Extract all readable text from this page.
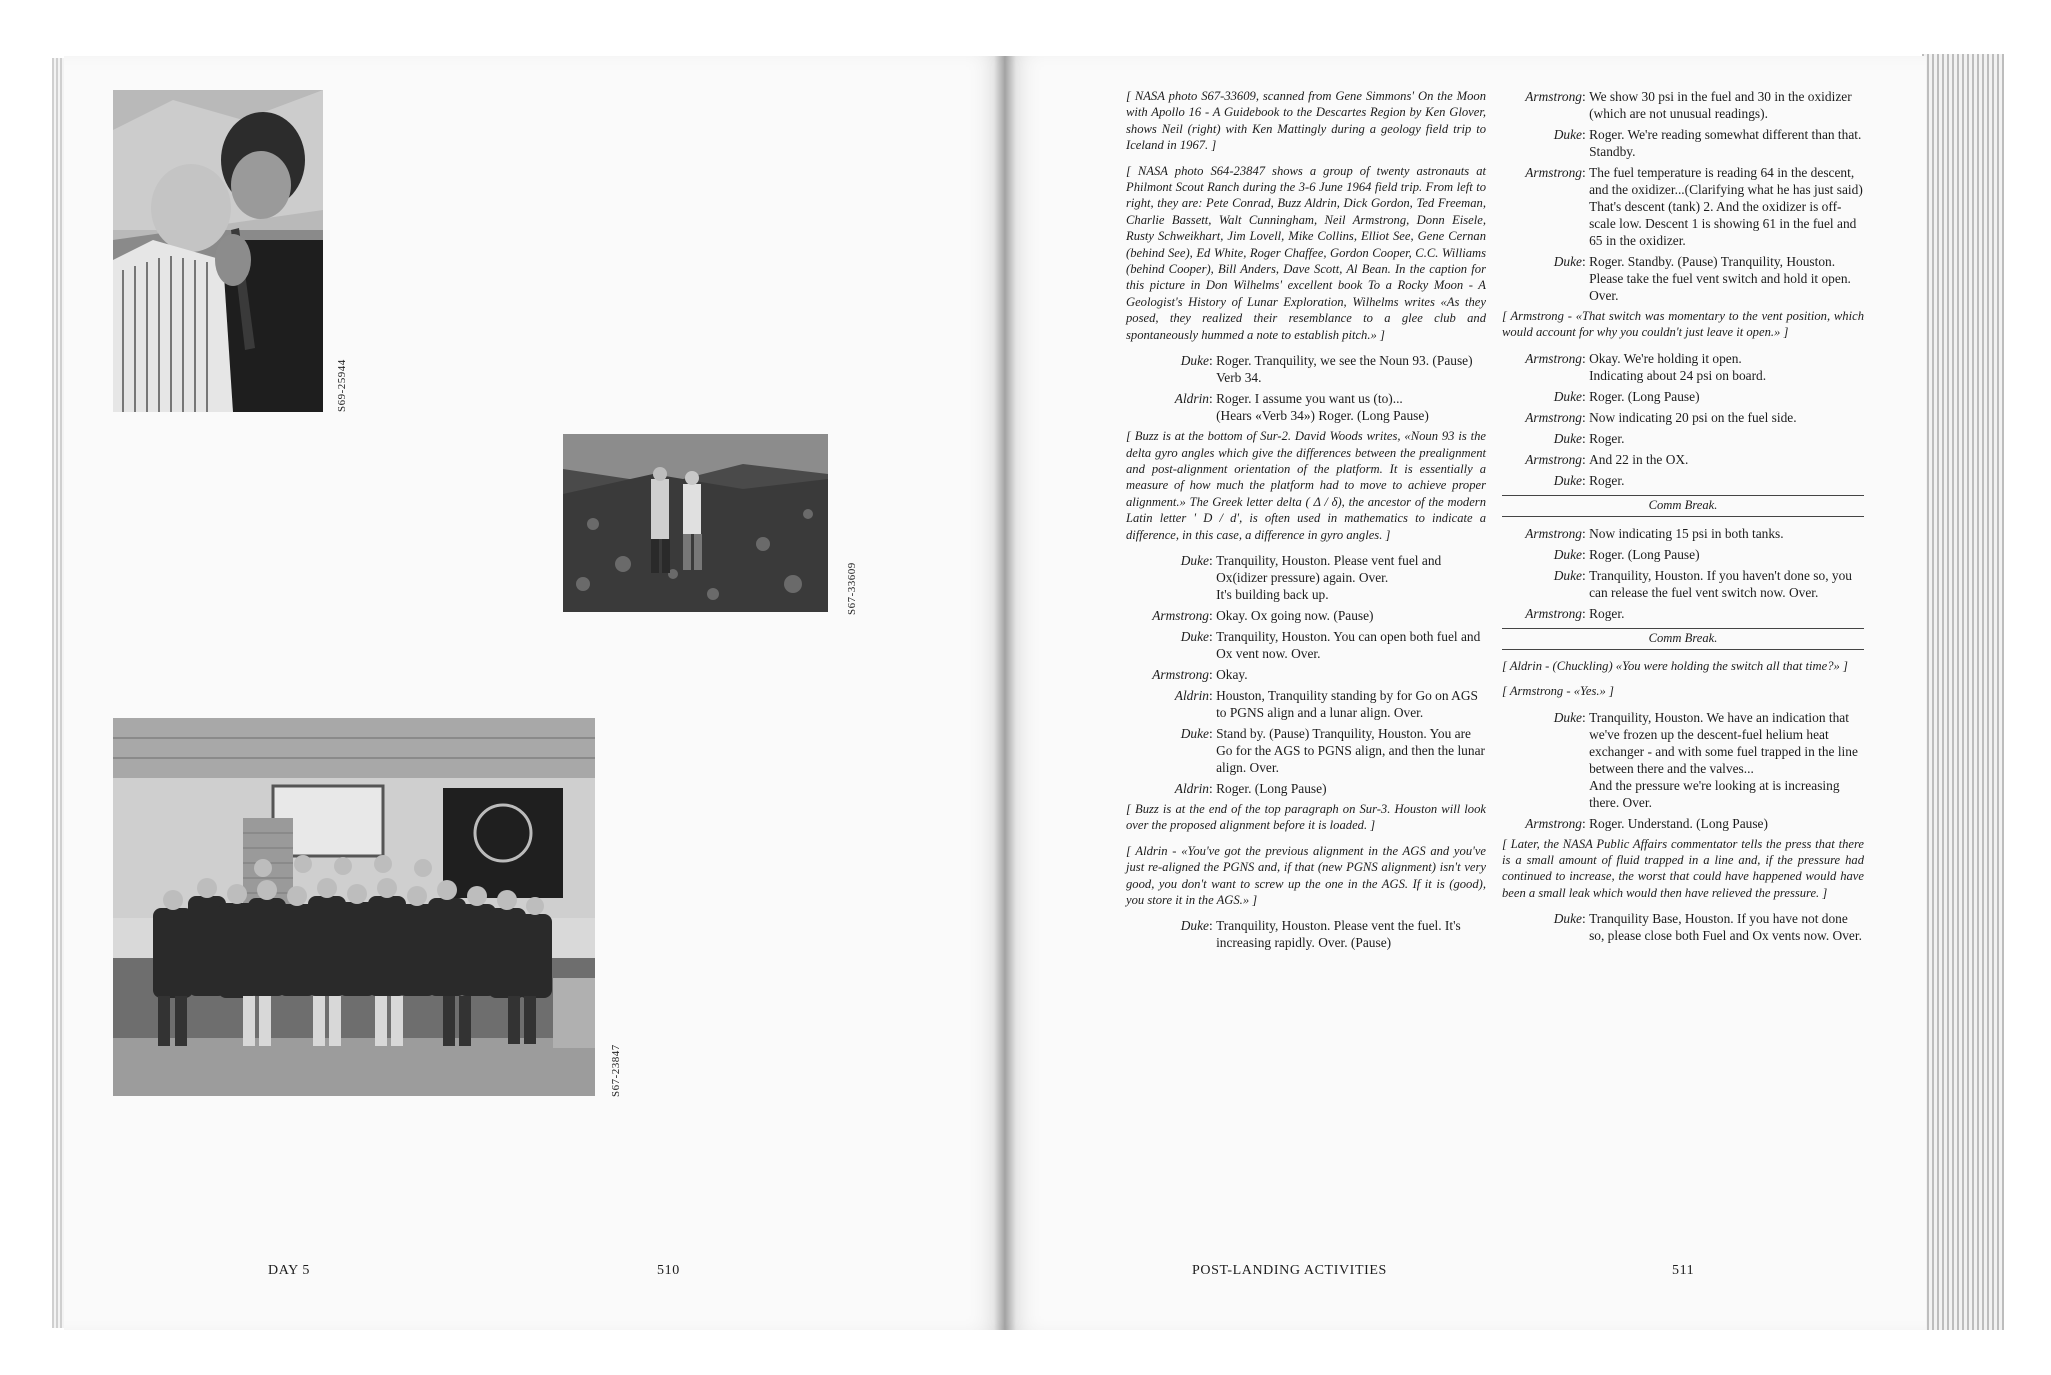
S69-25944
S67-33609
S67-23847
DAY 5	510	POST-LANDING ACTIVITIES	511

[ NASA photo S67-33609, scanned from Gene Simmons' On the Moon with Apollo 16 - A Guidebook to the Descartes Region by Ken Glover, shows Neil (right) with Ken Mattingly during a geology field trip to Iceland in 1967. ]

[ NASA photo S64-23847 shows a group of twenty astronauts at Philmont Scout Ranch during the 3-6 June 1964 field trip. From left to right, they are: Pete Conrad, Buzz Aldrin, Dick Gordon, Ted Freeman, Charlie Bassett, Walt Cunningham, Neil Armstrong, Donn Eisele, Rusty Schweikhart, Jim Lovell, Mike Collins, Elliot See, Gene Cernan (behind See), Ed White, Roger Chaffee, Gordon Cooper, C.C. Williams (behind Cooper), Bill Anders, Dave Scott, Al Bean. In the caption for this picture in Don Wilhelms' excellent book To a Rocky Moon - A Geologist's History of Lunar Exploration, Wilhelms writes «As they posed, they realized their resemblance to a glee club and spontaneously hummed a note to establish pitch.» ]

Duke : Roger. Tranquility, we see the Noun 93. (Pause) Verb 34.
Aldrin : Roger. I assume you want us (to)...
(Hears «Verb 34») Roger. (Long Pause)

[ Buzz is at the bottom of Sur-2. David Woods writes, «Noun 93 is the delta gyro angles which give the differences between the prealignment and post-alignment orientation of the platform. It is essentially a measure of how much the platform had to move to achieve proper alignment.» The Greek letter delta ( Δ / δ), the ancestor of the modern Latin letter ' D / d', is often used in mathematics to indicate a difference, in this case, a difference in gyro angles. ]

Duke : Tranquility, Houston. Please vent fuel and Ox(idizer pressure) again. Over.
It's building back up.
Armstrong : Okay. Ox going now. (Pause)
Duke : Tranquility, Houston. You can open both fuel and Ox vent now. Over.
Armstrong : Okay.
Aldrin : Houston, Tranquility standing by for Go on AGS to PGNS align and a lunar align. Over.
Duke : Stand by. (Pause) Tranquility, Houston. You are Go for the AGS to PGNS align, and then the lunar align. Over.
Aldrin : Roger. (Long Pause)

[ Buzz is at the end of the top paragraph on Sur-3. Houston will look over the proposed alignment before it is loaded. ]

[ Aldrin - «You've got the previous alignment in the AGS and you've just re-aligned the PGNS and, if that (new PGNS alignment) isn't very good, you don't want to screw up the one in the AGS. If it is (good), you store it in the AGS.» ]

Duke : Tranquility, Houston. Please vent the fuel. It's increasing rapidly. Over. (Pause)
Armstrong : We show 30 psi in the fuel and 30 in the oxidizer (which are not unusual readings).
Duke : Roger. We're reading somewhat different than that. Standby.
Armstrong : The fuel temperature is reading 64 in the descent, and the oxidizer...(Clarifying what he has just said) That's descent (tank) 2. And the oxidizer is off-scale low. Descent 1 is showing 61 in the fuel and 65 in the oxidizer.
Duke : Roger. Standby. (Pause) Tranquility, Houston. Please take the fuel vent switch and hold it open. Over.

[ Armstrong - «That switch was momentary to the vent position, which would account for why you couldn't just leave it open.» ]

Armstrong : Okay. We're holding it open.
Indicating about 24 psi on board.
Duke : Roger. (Long Pause)
Armstrong : Now indicating 20 psi on the fuel side.
Duke : Roger.
Armstrong : And 22 in the OX.
Duke : Roger.
Comm Break.
Armstrong : Now indicating 15 psi in both tanks.
Duke : Roger. (Long Pause)
Duke : Tranquility, Houston. If you haven't done so, you can release the fuel vent switch now. Over.
Armstrong : Roger.
Comm Break.

[ Aldrin - (Chuckling) «You were holding the switch all that time?» ]

[ Armstrong - «Yes.» ]

Duke : Tranquility, Houston. We have an indication that we've frozen up the descent-fuel helium heat exchanger - and with some fuel trapped in the line between there and the valves...
And the pressure we're looking at is increasing there. Over.
Armstrong : Roger. Understand. (Long Pause)

[ Later, the NASA Public Affairs commentator tells the press that there is a small amount of fluid trapped in a line and, if the pressure had continued to increase, the worst that could have happened would have been a small leak which would then have relieved the pressure. ]

Duke : Tranquility Base, Houston. If you have not done so, please close both Fuel and Ox vents now. Over.
